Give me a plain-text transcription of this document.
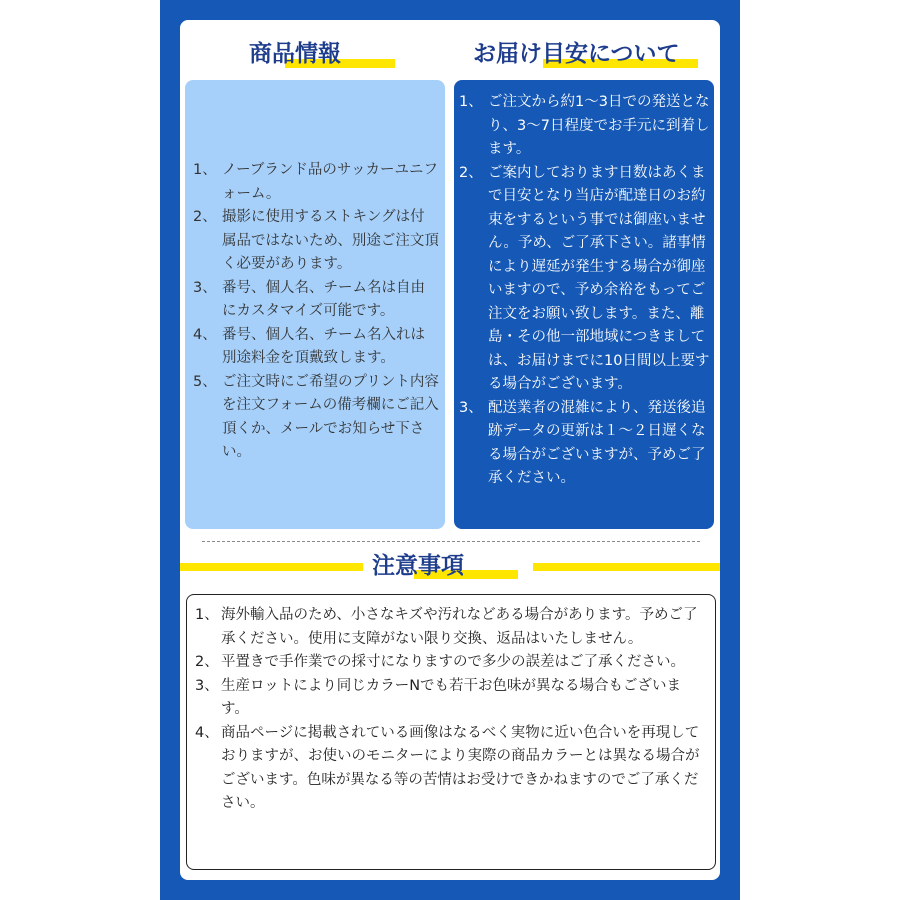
商品情報	お届け目安について
1、 ノーブランド品のサッカーユニフォーム。
2、 撮影に使用するストキングは付属品ではないため、別途ご注文頂く必要があります。
3、 番号、個人名、チーム名は自由にカスタマイズ可能です。
4、 番号、個人名、チーム名入れは別途料金を頂戴致します。
5、 ご注文時にご希望のプリント内容を注文フォームの備考欄にご記入頂くか、メールでお知らせ下さい。
1、 ご注文から約1〜3日での発送となり、3〜7日程度でお手元に到着します。
2、 ご案内しております日数はあくまで目安となり当店が配達日のお約束をするという事では御座いません。予め、ご了承下さい。諸事情により遅延が発生する場合が御座いますので、予め余裕をもってご注文をお願い致します。また、離島・その他一部地域につきましては、お届けまでに10日間以上要する場合がございます。
3、 配送業者の混雑により、発送後追跡データの更新は１〜２日遅くなる場合がございますが、予めご了承ください。
注意事項
1、 海外輸入品のため、小さなキズや汚れなどある場合があります。予めご了承ください。使用に支障がない限り交換、返品はいたしません。
2、 平置きで手作業での採寸になりますので多少の誤差はご了承ください。
3、 生産ロットにより同じカラーNでも若干お色味が異なる場合もございます。
4、 商品ページに掲載されている画像はなるべく実物に近い色合いを再現しておりますが、お使いのモニターにより実際の商品カラーとは異なる場合がございます。色味が異なる等の苦情はお受けできかねますのでご了承ください。
